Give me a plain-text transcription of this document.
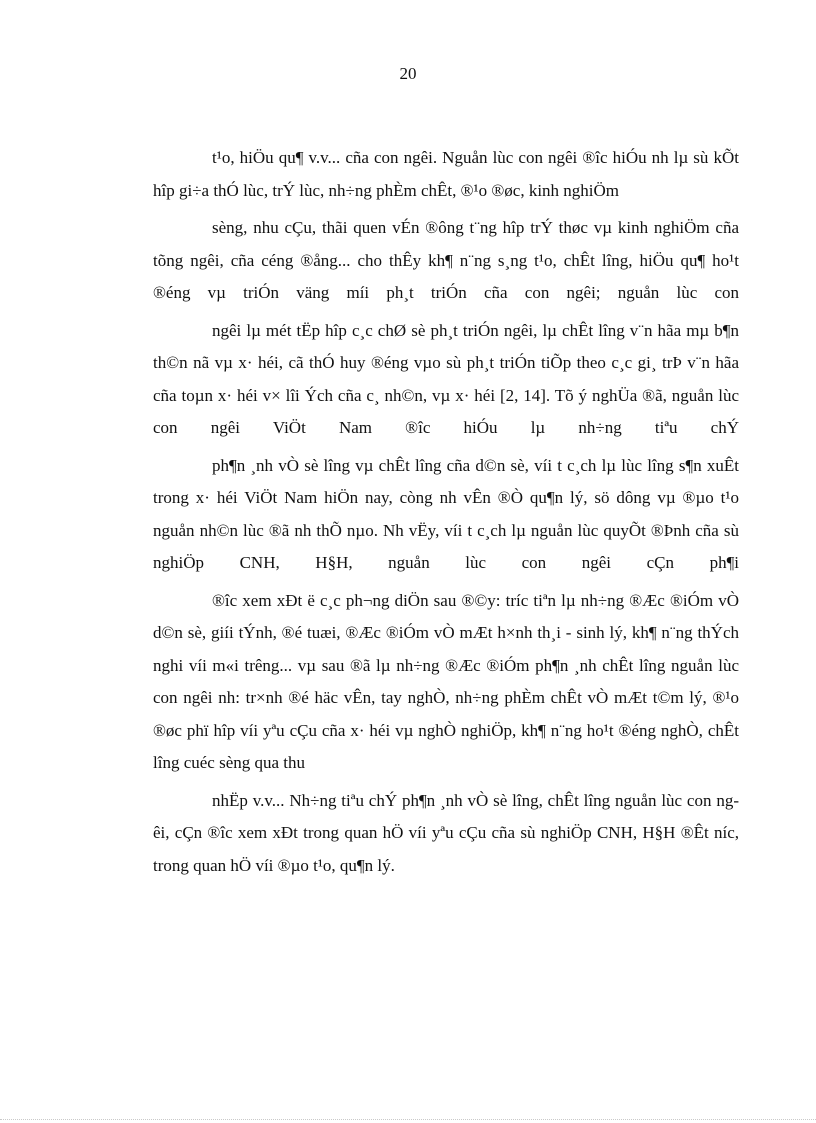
20

t¹o, hiÖu qu¶ v.v... cña con ngêi. Nguån lùc con ngêi ®îc hiÓu nh lµ sù kÕt hîp gi÷a thÓ lùc, trÝ lùc, nh÷ng phÈm chÊt, ®¹o ®øc, kinh nghiÖm

sèng, nhu cÇu, thãi quen vÉn ®ông t¨ng hîp trÝ thøc vµ kinh nghiÖm cña tõng ngêi, cña céng ®ång... cho thÊy kh¶ n¨ng s¸ng t¹o, chÊt lîng, hiÖu qu¶ ho¹t ®éng vµ triÓn väng míi ph¸t triÓn cña con ngêi; nguån lùc con

ngêi lµ mét tËp hîp c¸c chØ sè ph¸t triÓn ngêi, lµ chÊt lîng v¨n hãa mµ b¶n th©n nã vµ x· héi, cã thÓ huy ®éng vµo sù ph¸t triÓn tiÕp theo c¸c gi¸ trÞ v¨n hãa cña toµn x· héi v× lîi Ých cña c¸ nh©n, vµ x· héi [2, 14]. Tõ ý nghÜa ®ã, nguån lùc con ngêi ViÖt Nam ®îc hiÓu lµ nh÷ng tiªu chÝ

ph¶n ¸nh vÒ sè lîng vµ chÊt lîng cña d©n sè, víi t c¸ch lµ lùc lîng s¶n xuÊt trong x· héi ViÖt Nam hiÖn nay, còng nh vÊn ®Ò qu¶n lý, sö dông vµ ®µo t¹o nguån nh©n lùc ®ã nh thÕ nµo. Nh vËy, víi t c¸ch lµ nguån lùc quyÕt ®Þnh cña sù nghiÖp CNH, H§H, nguån lùc con ngêi cÇn ph¶i

®îc xem xÐt ë c¸c ph¬ng diÖn sau ®©y: tríc tiªn lµ nh÷ng ®Æc ®iÓm vÒ d©n sè, giíi tÝnh, ®é tuæi, ®Æc ®iÓm vÒ mÆt h×nh th¸i - sinh lý, kh¶ n¨ng thÝch nghi víi m«i trêng... vµ sau ®ã lµ nh÷ng ®Æc ®iÓm ph¶n ¸nh chÊt lîng nguån lùc con ngêi nh: tr×nh ®é häc vÊn, tay nghÒ, nh÷ng phÈm chÊt vÒ mÆt t©m lý, ®¹o ®øc phï hîp víi yªu cÇu cña x· héi vµ nghÒ nghiÖp, kh¶ n¨ng ho¹t ®éng nghÒ, chÊt lîng cuéc sèng qua thu

nhËp v.v... Nh÷ng tiªu chÝ ph¶n ¸nh vÒ sè lîng, chÊt lîng nguån lùc con ngêi, cÇn ®îc xem xÐt trong quan hÖ víi yªu cÇu cña sù nghiÖp CNH, H§H ®Êt níc, trong quan hÖ víi ®µo t¹o, qu¶n lý.
